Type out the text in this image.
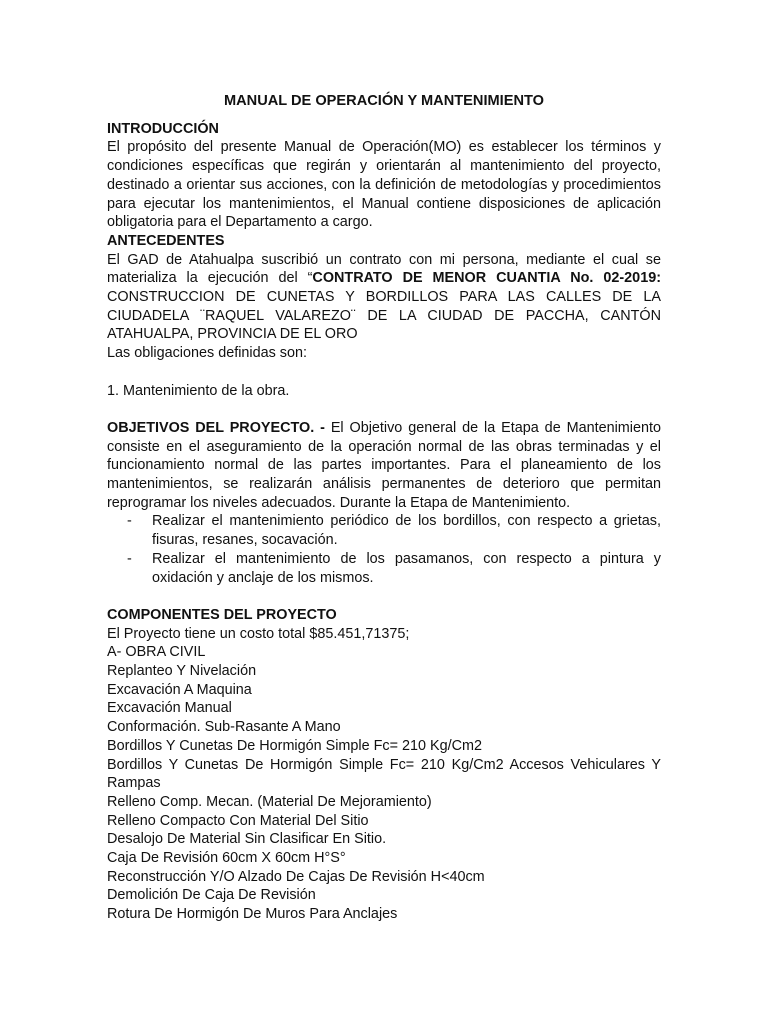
MANUAL DE OPERACIÓN Y MANTENIMIENTO

INTRODUCCIÓN

El propósito del presente Manual de Operación(MO) es establecer los términos y condiciones específicas que regirán y orientarán al mantenimiento del proyecto, destinado a orientar sus acciones, con la definición de metodologías y procedimientos para ejecutar los mantenimientos, el Manual contiene disposiciones de aplicación obligatoria para el Departamento a cargo.

ANTECEDENTES

El GAD de Atahualpa suscribió un contrato con mi persona, mediante el cual se materializa la ejecución del “CONTRATO DE MENOR CUANTIA No. 02-2019: CONSTRUCCION DE CUNETAS Y BORDILLOS PARA LAS CALLES DE LA CIUDADELA ¨RAQUEL VALAREZO¨ DE LA CIUDAD DE PACCHA, CANTÓN ATAHUALPA, PROVINCIA DE EL ORO

Las obligaciones definidas son:

1. Mantenimiento de la obra.

OBJETIVOS DEL PROYECTO. - El Objetivo general de la Etapa de Mantenimiento consiste en el aseguramiento de la operación normal de las obras terminadas y el funcionamiento normal de las partes importantes. Para el planeamiento de los mantenimientos, se realizarán análisis permanentes de deterioro que permitan reprogramar los niveles adecuados. Durante la Etapa de Mantenimiento.

- Realizar el mantenimiento periódico de los bordillos, con respecto a grietas, fisuras, resanes, socavación.
- Realizar el mantenimiento de los pasamanos, con respecto a pintura y oxidación y anclaje de los mismos.

COMPONENTES DEL PROYECTO

El Proyecto tiene un costo total $85.451,71375;

A- OBRA CIVIL

Replanteo Y Nivelación

Excavación A Maquina

Excavación Manual

Conformación. Sub-Rasante A Mano

Bordillos Y Cunetas De Hormigón Simple Fc= 210 Kg/Cm2

Bordillos Y Cunetas De Hormigón Simple Fc= 210 Kg/Cm2 Accesos Vehiculares Y Rampas

Relleno Comp. Mecan. (Material De Mejoramiento)

Relleno Compacto Con Material Del Sitio

Desalojo De Material Sin Clasificar En Sitio.

Caja De Revisión 60cm X 60cm H°S°

Reconstrucción Y/O Alzado De Cajas De Revisión H<40cm

Demolición De Caja De Revisión

Rotura De Hormigón De Muros Para Anclajes
